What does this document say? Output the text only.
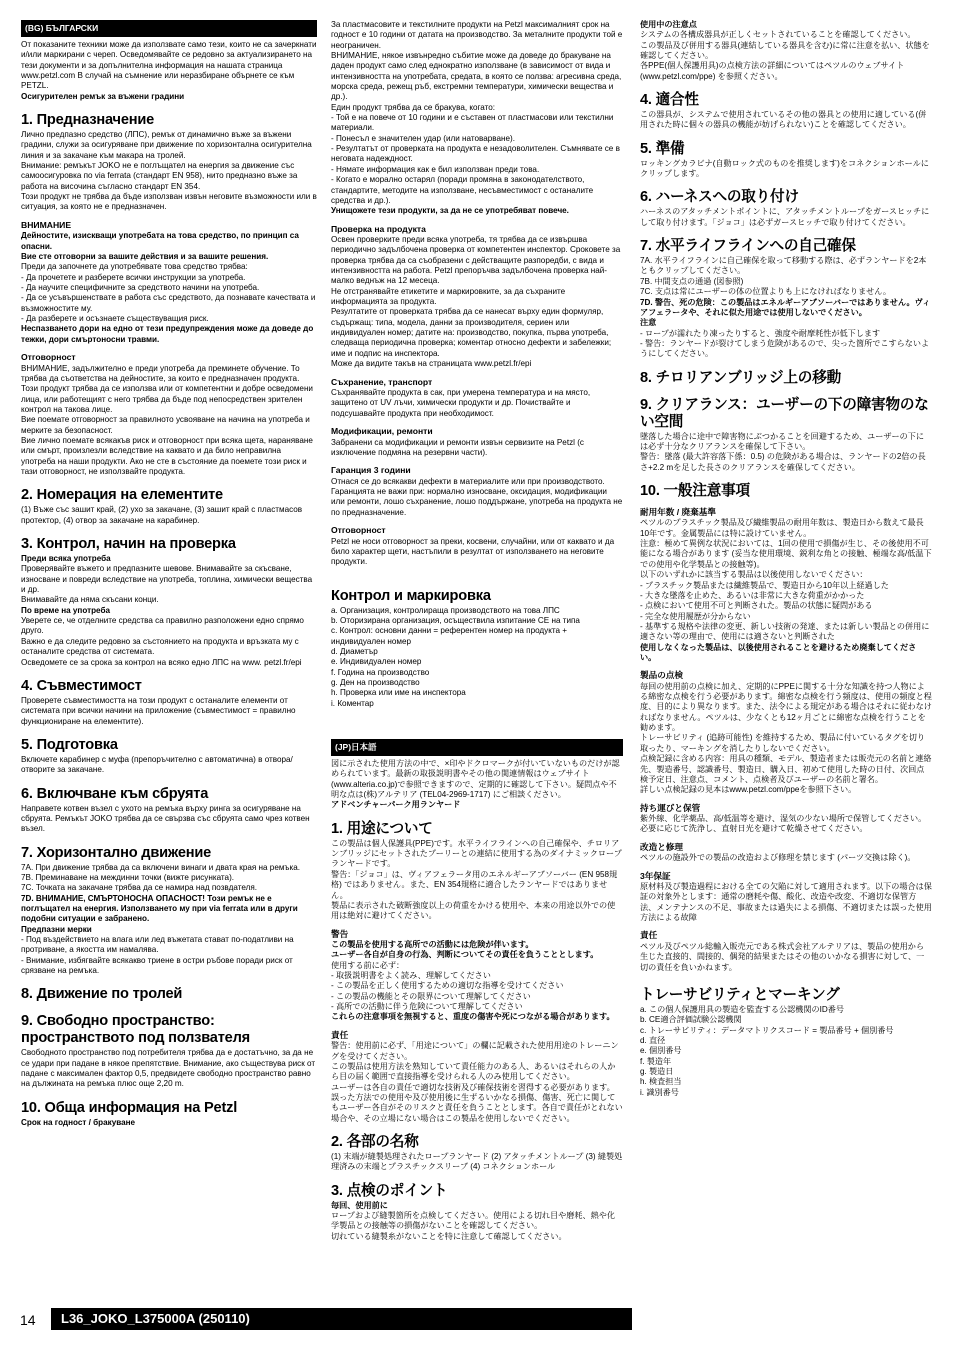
(BG) БЪЛГАРСКИ

От показаните техники може да използвате само тези, които не са зачеркнати и/или маркирани с череп. Осведомявайте се редовно за актуализирането на тези документи и за допълнителна информация на нашата страница www.petzl.com В случай на съмнение или неразбиране обърнете се към PETZL.

Осигурителен ремък за въжени градини

1. Предназначение

Лично предпазно средство (ЛПС), ремък от динамично въже за въжени градини, служи за осигуряване при движение по хоризонтална осигурителна линия и за закачане към макара на тролей.
Внимание: ремъкът JOKO не е поглъщател на енергия за движение със самоосигуровка по via ferrata (стандарт EN 958), нито предназно въже за работа на височина съгласно стандарт EN 354.
Този продукт не трябва да бъде използван извън неговите възможности или в ситуация, за която не е предназначен.

ВНИМАНИЕ

Дейностите, изискващи употребата на това средство, по принцип са опасни.

Вие сте отговорни за вашите действия и за вашите решения.

Преди да започнете да употребявате това средство трябва:
- Да прочетете и разберете всички инструкции за употреба.
- Да научите специфичните за средството начини на употреба.
- Да се усъвършенствате в работа със средството, да познавате качествата и възможностите му.
- Да разберете и осъзнаете съществуващия риск.

Неспазването дори на едно от тези предупреждения може да доведе до тежки, дори смъртоносни травми.

Отговорност

ВНИМАНИЕ, задължително е преди употреба да преминете обучение. То трябва да съответства на дейностите, за които е предназначен продукта.
Този продукт трябва да се използва или от компетентни и добре осведомени лица, или работещият с него трябва да бъде под непосредствен зрителен контрол на такова лице.
Вие поемате отговорност за правилното усвояване на начина на употреба и мерките за безопасност.
Вие лично поемате всякакъв риск и отговорност при всяка щета, нараняване или смърт, произлезли вследствие на каквато и да било неправилна употреба на наши продукти. Ако не сте в състояние да поемете този риск и тази отговорност, не използвайте продукта.

2. Номерация на елементите

(1) Въже със зашит край, (2) ухо за закачане, (3) зашит край с пластмасов протектор, (4) отвор за закачане на карабинер.

3. Контрол, начин на проверка

Преди всяка употреба

Проверявайте въжето и предпазните шевове. Внимавайте за скъсване, износване и повреди вследствие на употреба, топлина, химически вещества и др.
Внимавайте да няма скъсани конци.

По време на употреба

Уверете се, че отделните средства са правилно разположени едно спрямо друго.
Важно е да следите редовно за състоянието на продукта и връзката му с останалите средства от системата.
Осведомете се за срока за контрол на всяко едно ЛПС на www. petzl.fr/epi

4. Съвместимост

Проверете съвместимостта на този продукт с останалите елементи от системата при всички начини на приложение (съвместимост = правилно функциониране на елементите).

5. Подготовка

Включете карабинер с муфа (препоръчително с автоматична) в отвора/отворите за закачане.

6. Включване към сбруята

Направете котвен възел с ухото на ремъка върху ринга за осигуряване на сбруята. Ремъкът JOKO трябва да се свързва със сбруята само чрез котвен възел.

7. Хоризонтално движение

7А. При движение трябва да са включени винаги и двата края на ремъка.
7В. Преминаване на междинни точки (вижте рисунката).
7С. Точката на закачане трябва да се намира над позвдателя.

7D. ВНИМАНИЕ, СМЪРТОНОСНА ОПАСНОСТ! Този ремък не е поглъщател на енергия. Използването му при via ferrata или в други подобни ситуации е забранено.

Предпазни мерки

- Под въздействието на влага или лед въжетата стават по-податливи на протриване, а якостта им намалява.
- Внимание, избягвайте всякакво триене в остри ръбове поради риск от срязване на ремъка.

8. Движение по тролей
9. Свободно пространство: пространството под ползвателя

Свободното пространство под потребителя трябва да е достатъчно, за да не се удари при падане в някое препятствие. Внимание, ако съществува риск от падане с максимален фактор 0,5, предвидете свободно пространство равно на дължината на ремъка плюс още 2,20 m.

10. Обща информация на Petzl

Срок на годност / бракуване

За пластмасовите и текстилните продукти на Petzl максималният срок на годност е 10 години от датата на производство. За металните продукти той е неограничен.
ВНИМАНИЕ, някое извънредно събитие може да доведе до бракуване на даден продукт само след еднократно използване (в зависимост от вида и интензивността на употребата, средата, в която се ползва: агресивна среда, морска среда, режещ ръб, екстремни температури, химически вещества и др.).
Един продукт трябва да се бракува, когато:
- Той е на повече от 10 години и е съставен от пластмасови или текстилни материали.
- Понесъл е значителен удар (или натоварване).
- Резултатът от проверката на продукта е незадоволителен. Съмнявате се в неговата надеждност.
- Нямате информация как е бил използван преди това.
- Когато е морално остарял (поради промяна в законодателството, стандартите, методите на използване, несъвместимост с останалите средства и др.).

Унищожете тези продукти, за да не се употребяват повече.

Проверка на продукта

Освен проверките преди всяка употреба, тя трябва да се извършва периодично задълбочена проверка от компетентен инспектор. Сроковете за проверка трябва да са съобразени с действащите разпоредби, с вида и интензивността на работа. Petzl препоръчва задълбочена проверка най-малко веднъж на 12 месеца.
Не отстранявайте етикетите и маркировките, за да съхраните информацията за продукта.
Резултатите от проверката трябва да се нанесат върху един формуляр, съдържащ: типа, модела, данни за производителя, сериен или индивидуален номер; датите на: производство, покупка, първа употреба, следваща периодична проверка; коментар относно дефекти и забележки; име и подпис на инспектора.
Може да видите такъв на страницата www.petzl.fr/epi

Съхранение, транспорт

Съхранявайте продукта в сак, при умерена температура и на място, защитено от UV лъчи, химически продукти и др. Почиствайте и подсушавайте продукта при необходимост.

Модификации, ремонти

Забранени са модификации и ремонти извън сервизите на Petzl (с изключение подмяна на резервни части).

Гаранция 3 години

Отнася се до всякакви дефекти в материалите или при производството. Гаранцията не важи при: нормално износване, оксидация, модификации или ремонти, лошо съхранение, лошо поддържане, употреба на продукта не по предназначение.

Отговорност

Petzl не носи отговорност за преки, косвени, случайни, или от каквато и да било характер щети, настъпили в резултат от използването на неговите продукти.

Контрол и маркировка

a. Организация, контролираща производството на това ЛПС
b. Оторизирана организация, осъществила изпитание CE на типа
c. Контрол: основни данни = референтен номер на продукта + индивидуален номер
d. Диаметър
e. Индивидуален номер
f. Година на производство
g. Ден на производство
h. Проверка или име на инспектора
i. Коментар

(JP)日本語

図に示された使用方法の中で、×印やドクロマークが付いていないものだけが認められています。最新の取扱説明書やその他の関連情報はウェブサイト(www.alteria.co.jp)で参照できますので、定期的に確認して下さい。疑問点や不明な点は(株)アルテリア (TEL04-2969-1717) にご相談ください。

アドベンチャーパーク用ランヤード

1. 用途について

この製品は個人保護具(PPE)です。水平ライフラインへの自己確保や、チロリアンブリッジにセットされたプーリーとの連結に使用する為のダイナミックロープランヤードです。
警告：「ジョコ」は、ヴィアフェラータ用のエネルギーアブソーバー (EN 958規格) ではありません。また、EN 354規格に適合したランヤードではありません。
製品に表示された破断強度以上の荷重をかける使用や、本来の用途以外での使用は絶対に避けてください。

警告

この製品を使用する高所での活動には危険が伴います。

ユーザー各自が自身の行為、判断についてその責任を負うこととします。

使用する前に必ず：
- 取扱説明書をよく読み、理解してください
- この製品を正しく使用するための適切な指導を受けてください
- この製品の機能とその限界について理解してください
- 高所での活動に伴う危険について理解してください

これらの注意事項を無視すると、重度の傷害や死につながる場合があります。

責任

警告：使用前に必ず、「用途について」の欄に記載された使用用途のトレーニングを受けてください。
この製品は使用方法を熟知していて責任能力のある人、あるいはそれらの人から目の届く範囲で直接指導を受けられる人のみ使用してください。
ユーザーは各自の責任で適切な技術及び確保技術を習得する必要があります。
誤った方法での使用や及び使用後に生ずるいかなる損傷、傷害、死亡に関してもユーザー各自がそのリスクと責任を負うこととします。各自で責任がとれない場合や、その立場にない場合はこの製品を使用しないでください。

2. 各部の名称

(1) 末端が縫製処理されたロープランヤード (2) アタッチメントループ (3) 縫製処理済みの末端とプラスチックスリーブ (4) コネクションホール

3. 点検のポイント

毎回、使用前に

ロープおよび縫製箇所を点検してください。使用による切れ目や磨耗、熱や化学製品との接触等の損傷がないことを確認してください。
切れている縫製糸がないことを特に注意して確認してください。

使用中の注意点

システムの各構成器具が正しくセットされていることを確認してください。
この製品及び併用する器具(連結している器具を含む)に常に注意を払い、状態を確認してください。
各PPE(個人保護用具)の点検方法の詳細についてはペツルのウェブサイト (www.petzl.com/ppe) を参照ください。

4. 適合性

この器具が、システムで使用されているその他の器具との使用に適している(併用された時に個々の器具の機能が妨げられない)ことを確認してください。

5. 準備

ロッキングカラビナ(自動ロック式のものを推奨します)をコネクションホールにクリップします。

6. ハーネスへの取り付け

ハーネスのアタッチメントポイントに、アタッチメントループをガースヒッチにして取り付けます。「ジョコ」は必ずガースヒッチで取り付けてください。

7. 水平ライフラインへの自己確保

7A. 水平ライフラインに自己確保を取って移動する際は、必ずランヤードを2本ともクリップしてください。
7B. 中間支点の通過 (図参照)
7C. 支点は常にユーザーの体の位置よりも上になければなりません。

7D. 警告、死の危険：この製品はエネルギーアブソーバーではありません。ヴィアフェラータや、それに似た用途では使用しないでください。

注意

- ロープが濡れたり凍ったりすると、強度や耐摩耗性が低下します
- 警告：ランヤードが裂けてしまう危険があるので、尖った箇所でこすらないようにしてください。

8. チロリアンブリッジ上の移動
9. クリアランス：ユーザーの下の障害物のない空間

墜落した場合に途中で障害物にぶつかることを回避するため、ユーザーの下には必ず十分なクリアランスを確保して下さい。
警告：墜落 (最大許容落下係：0.5) の危険がある場合は、ランヤードの2倍の長さ+2.2 mを足した長さのクリアランスを確保してください。

10. 一般注意事項
耐用年数 / 廃棄基準

ペツルのプラスチック製品及び繊維製品の耐用年数は、製造日から数えて最長10年です。金属製品には特に設けていません。
注意：極めて異例な状況においては、1回の使用で損傷が生じ、その後使用不可能になる場合があります (妥当な使用環境、鋭利な角との接触、極端な高/低温下での使用や化学製品との接触等)。
以下のいずれかに該当する製品は以後使用しないでください：
- プラスチック製品または繊維製品で、製造日から10年以上経過した
- 大きな墜落を止めた、あるいは非常に大きな荷重がかかった
- 点検において使用不可と判断された。製品の状態に疑問がある
- 完全な使用履歴が分からない
- 基準する規格や法律の変更、新しい技術の発達、または新しい製品との併用に適さない等の理由で、使用には適さないと判断された

使用しなくなった製品は、以後使用されることを避けるため廃棄してください。

製品の点検

毎回の使用前の点検に加え、定期的にPPEに関する十分な知識を持つ人物による綿密な点検を行う必要があります。綿密な点検を行う頻度は、使用の頻度と程度、目的により異なります。また、法令による規定がある場合はそれに従わなければなりません。ペツルは、少なくとも12ヶ月ごとに綿密な点検を行うことを勧めます。
トレーサビリティ (追跡可能性) を維持するため、製品に付いているタグを切り取ったり、マーキングを消したりしないでください。
点検記録に含める内容：用具の種類、モデル、製造者または販売元の名前と連絡先、製造番号、認識番号、製造日、購入日、初めて使用した時の日付、次回点検予定日、注意点、コメント、点検者及びユーザーの名前と署名。
詳しい点検記録の見本はwww.petzl.com/ppeを参照下さい。

持ち運びと保管

紫外線、化学薬品、高/低温等を避け、湿気の少ない場所で保管してください。必要に応じて洗浄し、直射日光を避けて乾燥させてください。

改造と修理

ペツルの施設外での製品の改造および修理を禁じます (パーツ交換は除く)。

3年保証

原材料及び製造過程における全ての欠陥に対して適用されます。以下の場合は保証の対象外とします：通常の磨耗や傷、酸化、改造や改変、不適切な保管方法、メンテナンスの不足、事故または過失による損傷、不適切または誤った使用方法による故障

責任

ペツル及びペツル総輸入販売元である株式会社アルテリアは、製品の使用から生じた直接的、間接的、偶発的結果またはその他のいかなる損害に対して、一切の責任を負いかねます。

トレーサビリティとマーキング

a. この個人保護用具の製造を監査する公認機関のID番号
b. CE適合評価試験公認機関
c. トレーサビリティ：データマトリクスコード = 製品番号 + 個別番号
d. 直径
e. 個別番号
f. 製造年
g. 製造日
h. 検査担当
i. 識別番号

14	L36_JOKO_L375000A (250110)
